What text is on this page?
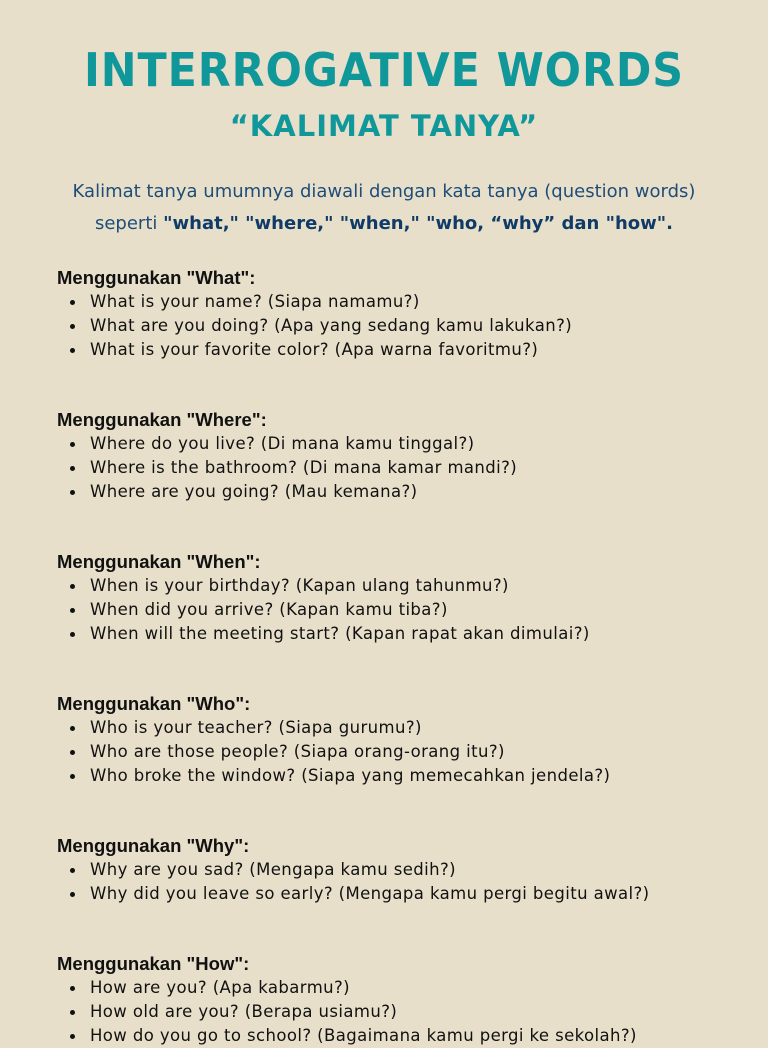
INTERROGATIVE WORDS
“KALIMAT TANYA”
Kalimat tanya umumnya diawali dengan kata tanya (question words)
seperti "what," "where," "when," "who, “why” dan "how".
Menggunakan "What":
What is your name? (Siapa namamu?)
What are you doing? (Apa yang sedang kamu lakukan?)
What is your favorite color? (Apa warna favoritmu?)
Menggunakan "Where":
Where do you live? (Di mana kamu tinggal?)
Where is the bathroom? (Di mana kamar mandi?)
Where are you going? (Mau kemana?)
Menggunakan "When":
When is your birthday? (Kapan ulang tahunmu?)
When did you arrive? (Kapan kamu tiba?)
When will the meeting start? (Kapan rapat akan dimulai?)
Menggunakan "Who":
Who is your teacher? (Siapa gurumu?)
Who are those people? (Siapa orang-orang itu?)
Who broke the window? (Siapa yang memecahkan jendela?)
Menggunakan "Why":
Why are you sad? (Mengapa kamu sedih?)
Why did you leave so early? (Mengapa kamu pergi begitu awal?)
Menggunakan "How":
How are you? (Apa kabarmu?)
How old are you? (Berapa usiamu?)
How do you go to school? (Bagaimana kamu pergi ke sekolah?)
